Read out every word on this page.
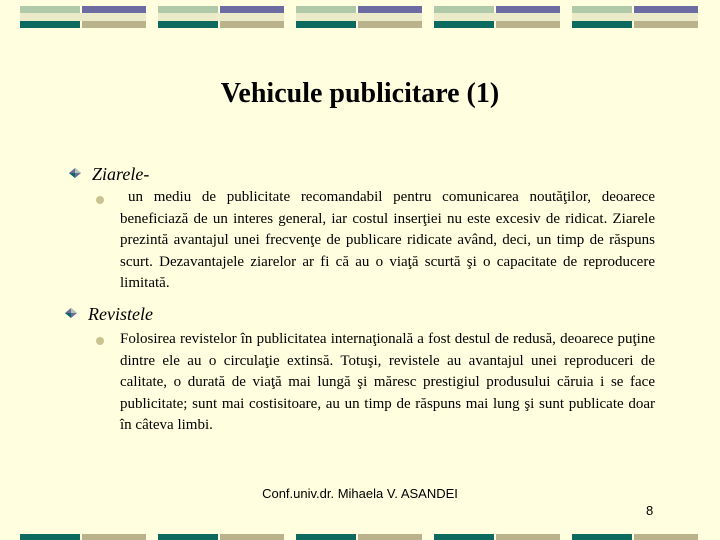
Vehicule publicitare (1)
Ziarele-
un mediu de publicitate recomandabil pentru comunicarea noutăţilor, deoarece beneficiază de un interes general, iar costul inserţiei nu este excesiv de ridicat. Ziarele prezintă avantajul unei frecvenţe de publicare ridicate având, deci, un timp de răspuns scurt. Dezavantajele ziarelor ar fi că au o viaţă scurtă şi o capacitate de reproducere limitată.
Revistele
Folosirea revistelor în publicitatea internaţională a fost destul de redusă, deoarece puţine dintre ele au o circulaţie extinsă. Totuşi, revistele au avantajul unei reproduceri de calitate, o durată de viaţă mai lungă şi măresc prestigiul produsului căruia i se face publicitate; sunt mai costisitoare, au un timp de răspuns mai lung şi sunt publicate doar în câteva limbi.
Conf.univ.dr. Mihaela V. ASANDEI
8
